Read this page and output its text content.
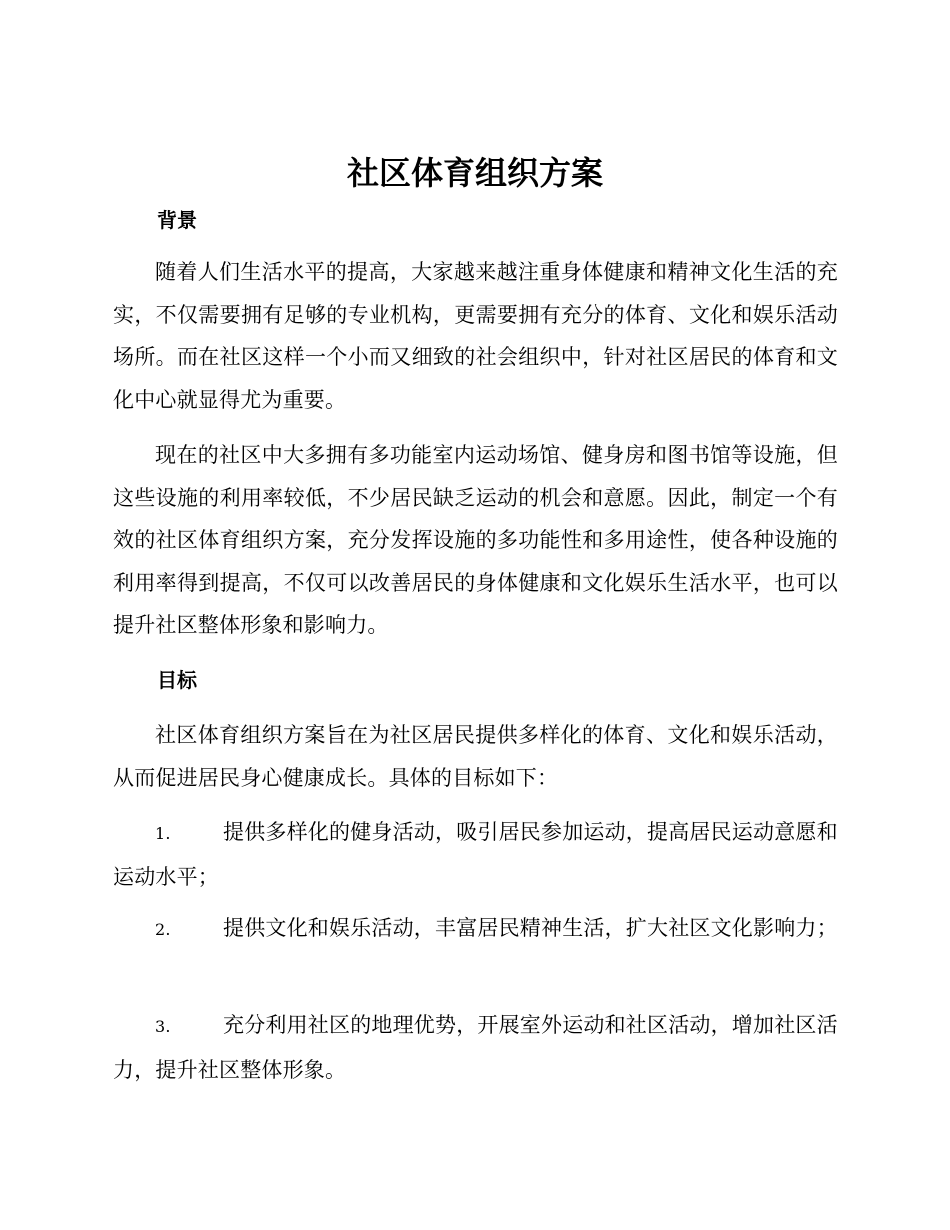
社区体育组织方案
背景

随着人们生活水平的提高，大家越来越注重身体健康和精神文化生活的充实，不仅需要拥有足够的专业机构，更需要拥有充分的体育、文化和娱乐活动场所。而在社区这样一个小而又细致的社会组织中，针对社区居民的体育和文化中心就显得尤为重要。

现在的社区中大多拥有多功能室内运动场馆、健身房和图书馆等设施，但这些设施的利用率较低，不少居民缺乏运动的机会和意愿。因此，制定一个有效的社区体育组织方案，充分发挥设施的多功能性和多用途性，使各种设施的利用率得到提高，不仅可以改善居民的身体健康和文化娱乐生活水平，也可以提升社区整体形象和影响力。

目标

社区体育组织方案旨在为社区居民提供多样化的体育、文化和娱乐活动，从而促进居民身心健康成长。具体的目标如下：

1. 提供多样化的健身活动，吸引居民参加运动，提高居民运动意愿和运动水平；

2. 提供文化和娱乐活动，丰富居民精神生活，扩大社区文化影响力；

3. 充分利用社区的地理优势，开展室外运动和社区活动，增加社区活力，提升社区整体形象。
